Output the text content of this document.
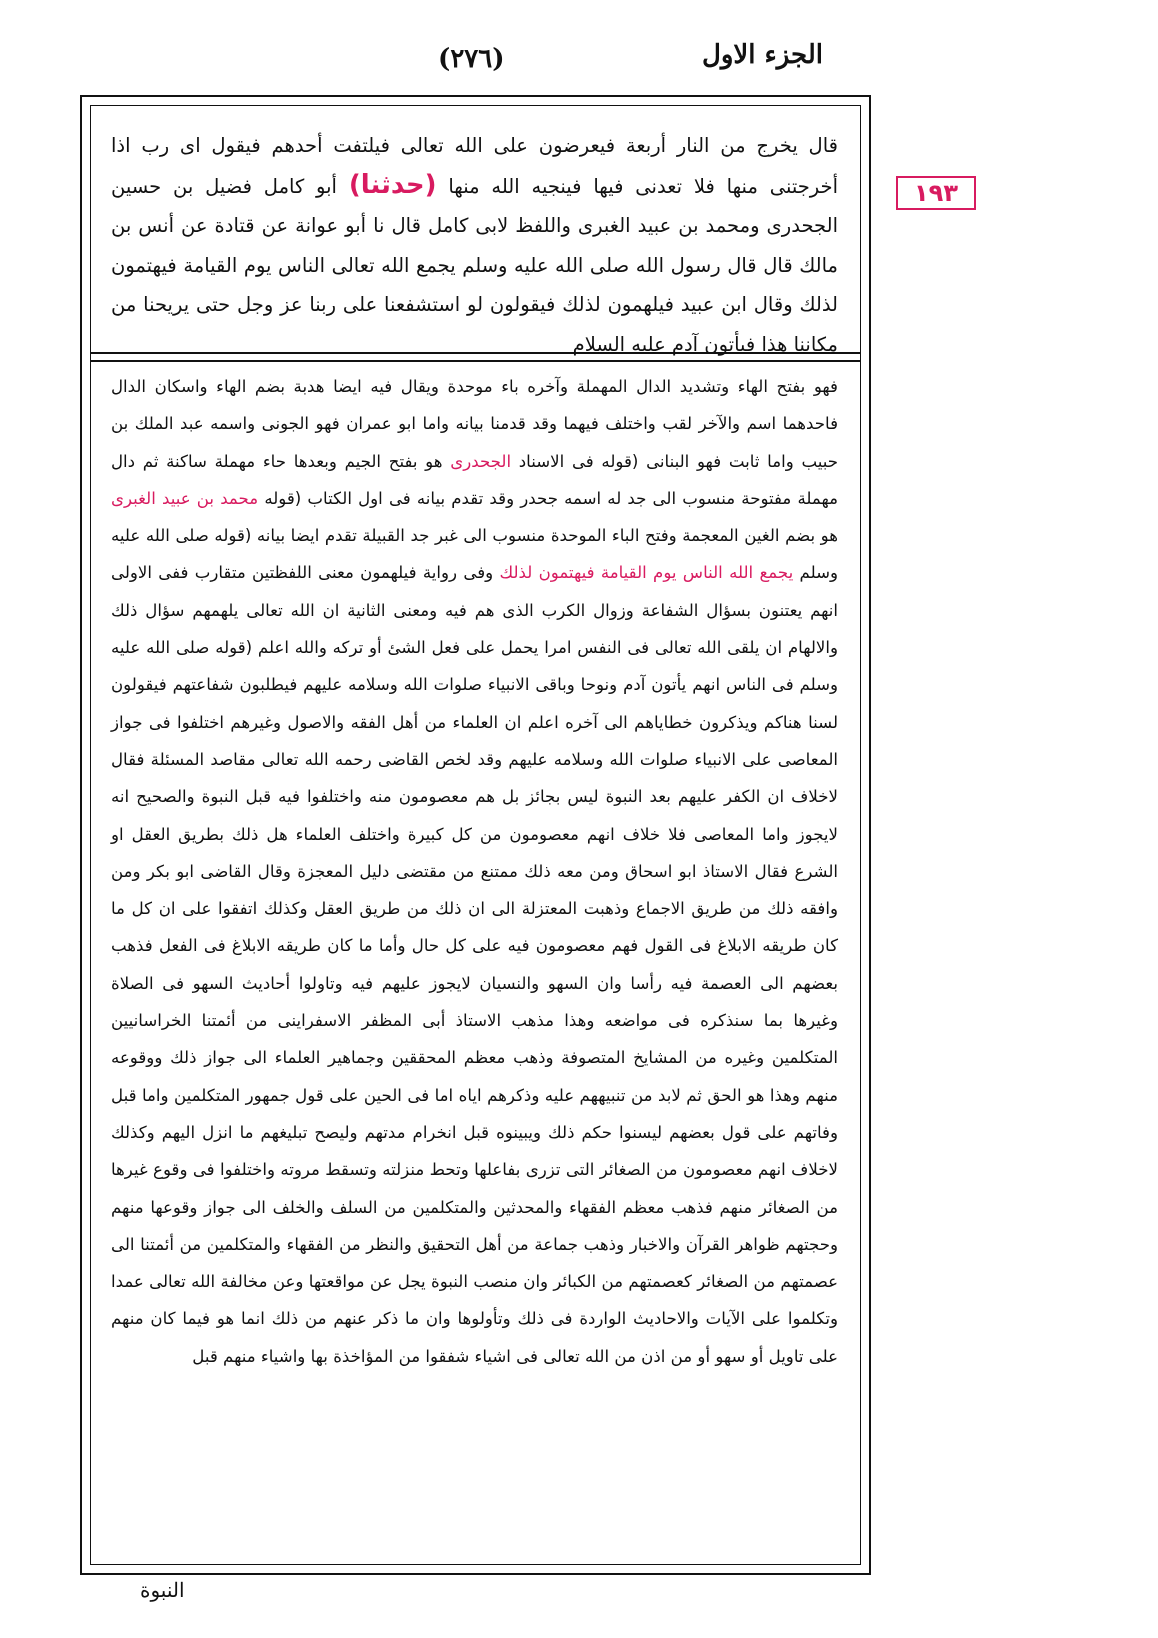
الجزء الاول
(٢٧٦)
١٩٣

قال يخرج من النار أربعة فيعرضون على الله تعالى فيلتفت أحدهم فيقول اى رب اذا أخرجتنى منها فلا تعدنى فيها فينجيه الله منها (حدثنا) أبو كامل فضيل بن حسين الجحدرى ومحمد بن عبيد الغبرى واللفظ لابى كامل قال نا أبو عوانة عن قتادة عن أنس بن مالك قال قال رسول الله صلى الله عليه وسلم يجمع الله تعالى الناس يوم القيامة فيهتمون لذلك وقال ابن عبيد فيلهمون لذلك فيقولون لو استشفعنا على ربنا عز وجل حتى يريحنا من مكاننا هذا فيأتون آدم عليه السلام

فهو بفتح الهاء وتشديد الدال المهملة وآخره باء موحدة ويقال فيه ايضا هدبة بضم الهاء واسكان الدال فاحدهما اسم والآخر لقب واختلف فيهما وقد قدمنا بيانه واما ابو عمران فهو الجونى واسمه عبد الملك بن حبيب واما ثابت فهو البنانى (قوله فى الاسناد الجحدرى هو بفتح الجيم وبعدها حاء مهملة ساكنة ثم دال مهملة مفتوحة منسوب الى جد له اسمه جحدر وقد تقدم بيانه فى اول الكتاب (قوله محمد بن عبيد الغبرى هو بضم الغين المعجمة وفتح الباء الموحدة منسوب الى غبر جد القبيلة تقدم ايضا بيانه (قوله صلى الله عليه وسلم يجمع الله الناس يوم القيامة فيهتمون لذلك وفى رواية فيلهمون معنى اللفظتين متقارب ففى الاولى انهم يعتنون بسؤال الشفاعة وزوال الكرب الذى هم فيه ومعنى الثانية ان الله تعالى يلهمهم سؤال ذلك والالهام ان يلقى الله تعالى فى النفس امرا يحمل على فعل الشئ أو تركه والله اعلم (قوله صلى الله عليه وسلم فى الناس انهم يأتون آدم ونوحا وباقى الانبياء صلوات الله وسلامه عليهم فيطلبون شفاعتهم فيقولون لسنا هناكم ويذكرون خطاياهم الى آخره اعلم ان العلماء من أهل الفقه والاصول وغيرهم اختلفوا فى جواز المعاصى على الانبياء صلوات الله وسلامه عليهم وقد لخص القاضى رحمه الله تعالى مقاصد المسئلة فقال لاخلاف ان الكفر عليهم بعد النبوة ليس بجائز بل هم معصومون منه واختلفوا فيه قبل النبوة والصحيح انه لايجوز واما المعاصى فلا خلاف انهم معصومون من كل كبيرة واختلف العلماء هل ذلك بطريق العقل او الشرع فقال الاستاذ ابو اسحاق ومن معه ذلك ممتنع من مقتضى دليل المعجزة وقال القاضى ابو بكر ومن وافقه ذلك من طريق الاجماع وذهبت المعتزلة الى ان ذلك من طريق العقل وكذلك اتفقوا على ان كل ما كان طريقه الابلاغ فى القول فهم معصومون فيه على كل حال وأما ما كان طريقه الابلاغ فى الفعل فذهب بعضهم الى العصمة فيه رأسا وان السهو والنسيان لايجوز عليهم فيه وتاولوا أحاديث السهو فى الصلاة وغيرها بما سنذكره فى مواضعه وهذا مذهب الاستاذ أبى المظفر الاسفراينى من أئمتنا الخراسانيين المتكلمين وغيره من المشايخ المتصوفة وذهب معظم المحققين وجماهير العلماء الى جواز ذلك ووقوعه منهم وهذا هو الحق ثم لابد من تنبيههم عليه وذكرهم اياه اما فى الحين على قول جمهور المتكلمين واما قبل وفاتهم على قول بعضهم ليسنوا حكم ذلك ويبينوه قبل انخرام مدتهم وليصح تبليغهم ما انزل اليهم وكذلك لاخلاف انهم معصومون من الصغائر التى تزرى بفاعلها وتحط منزلته وتسقط مروته واختلفوا فى وقوع غيرها من الصغائر منهم فذهب معظم الفقهاء والمحدثين والمتكلمين من السلف والخلف الى جواز وقوعها منهم وحجتهم ظواهر القرآن والاخبار وذهب جماعة من أهل التحقيق والنظر من الفقهاء والمتكلمين من أئمتنا الى عصمتهم من الصغائر كعصمتهم من الكبائر وان منصب النبوة يجل عن مواقعتها وعن مخالفة الله تعالى عمدا وتكلموا على الآيات والاحاديث الواردة فى ذلك وتأولوها وان ما ذكر عنهم من ذلك انما هو فيما كان منهم على تاويل أو سهو أو من اذن من الله تعالى فى اشياء شفقوا من المؤاخذة بها واشياء منهم قبل

النبوة
